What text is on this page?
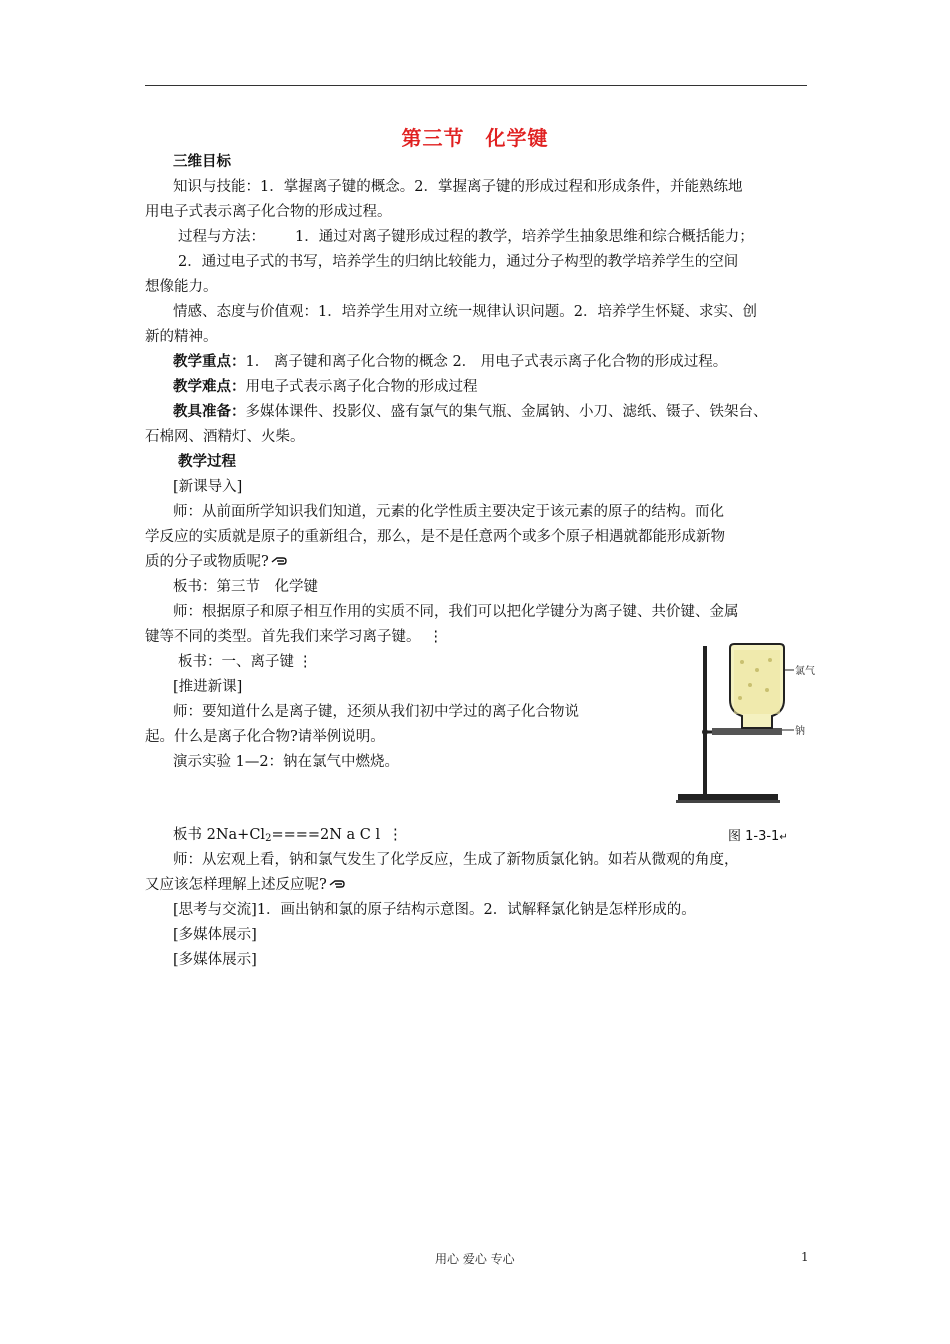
第三节　化学键
三维目标
知识与技能：1．掌握离子键的概念。2．掌握离子键的形成过程和形成条件，并能熟练地
用电子式表示离子化合物的形成过程。
过程与方法： 1．通过对离子键形成过程的教学，培养学生抽象思维和综合概括能力；
2．通过电子式的书写，培养学生的归纳比较能力，通过分子构型的教学培养学生的空间
想像能力。
情感、态度与价值观：1．培养学生用对立统一规律认识问题。2．培养学生怀疑、求实、创
新的精神。
教学重点：1． 离子键和离子化合物的概念 2． 用电子式表示离子化合物的形成过程。
教学难点：用电子式表示离子化合物的形成过程
教具准备：多媒体课件、投影仪、盛有氯气的集气瓶、金属钠、小刀、滤纸、镊子、铁架台、
石棉网、酒精灯、火柴。
教学过程
[新课导入]
师：从前面所学知识我们知道，元素的化学性质主要决定于该元素的原子的结构。而化
学反应的实质就是原子的重新组合，那么，是不是任意两个或多个原子相遇就都能形成新物
质的分子或物质呢?
板书：第三节　化学键
师：根据原子和原子相互作用的实质不同，我们可以把化学键分为离子键、共价键、金属
键等不同的类型。首先我们来学习离子键。 ⋮
板书：一、离子键 ⋮
[推进新课]
师：要知道什么是离子键，还须从我们初中学过的离子化合物说
起。什么是离子化合物?请举例说明。
演示实验 1—2：钠在氯气中燃烧。
氯气
钠
板书 $2Na+Cl_2====2N$ a C l ⋮	图 1-3-1↵
师：从宏观上看，钠和氯气发生了化学反应，生成了新物质氯化钠。如若从微观的角度，
又应该怎样理解上述反应呢?
[思考与交流]1．画出钠和氯的原子结构示意图。2．试解释氯化钠是怎样形成的。
[多媒体展示]
[多媒体展示]
用心 爱心 专心	1
